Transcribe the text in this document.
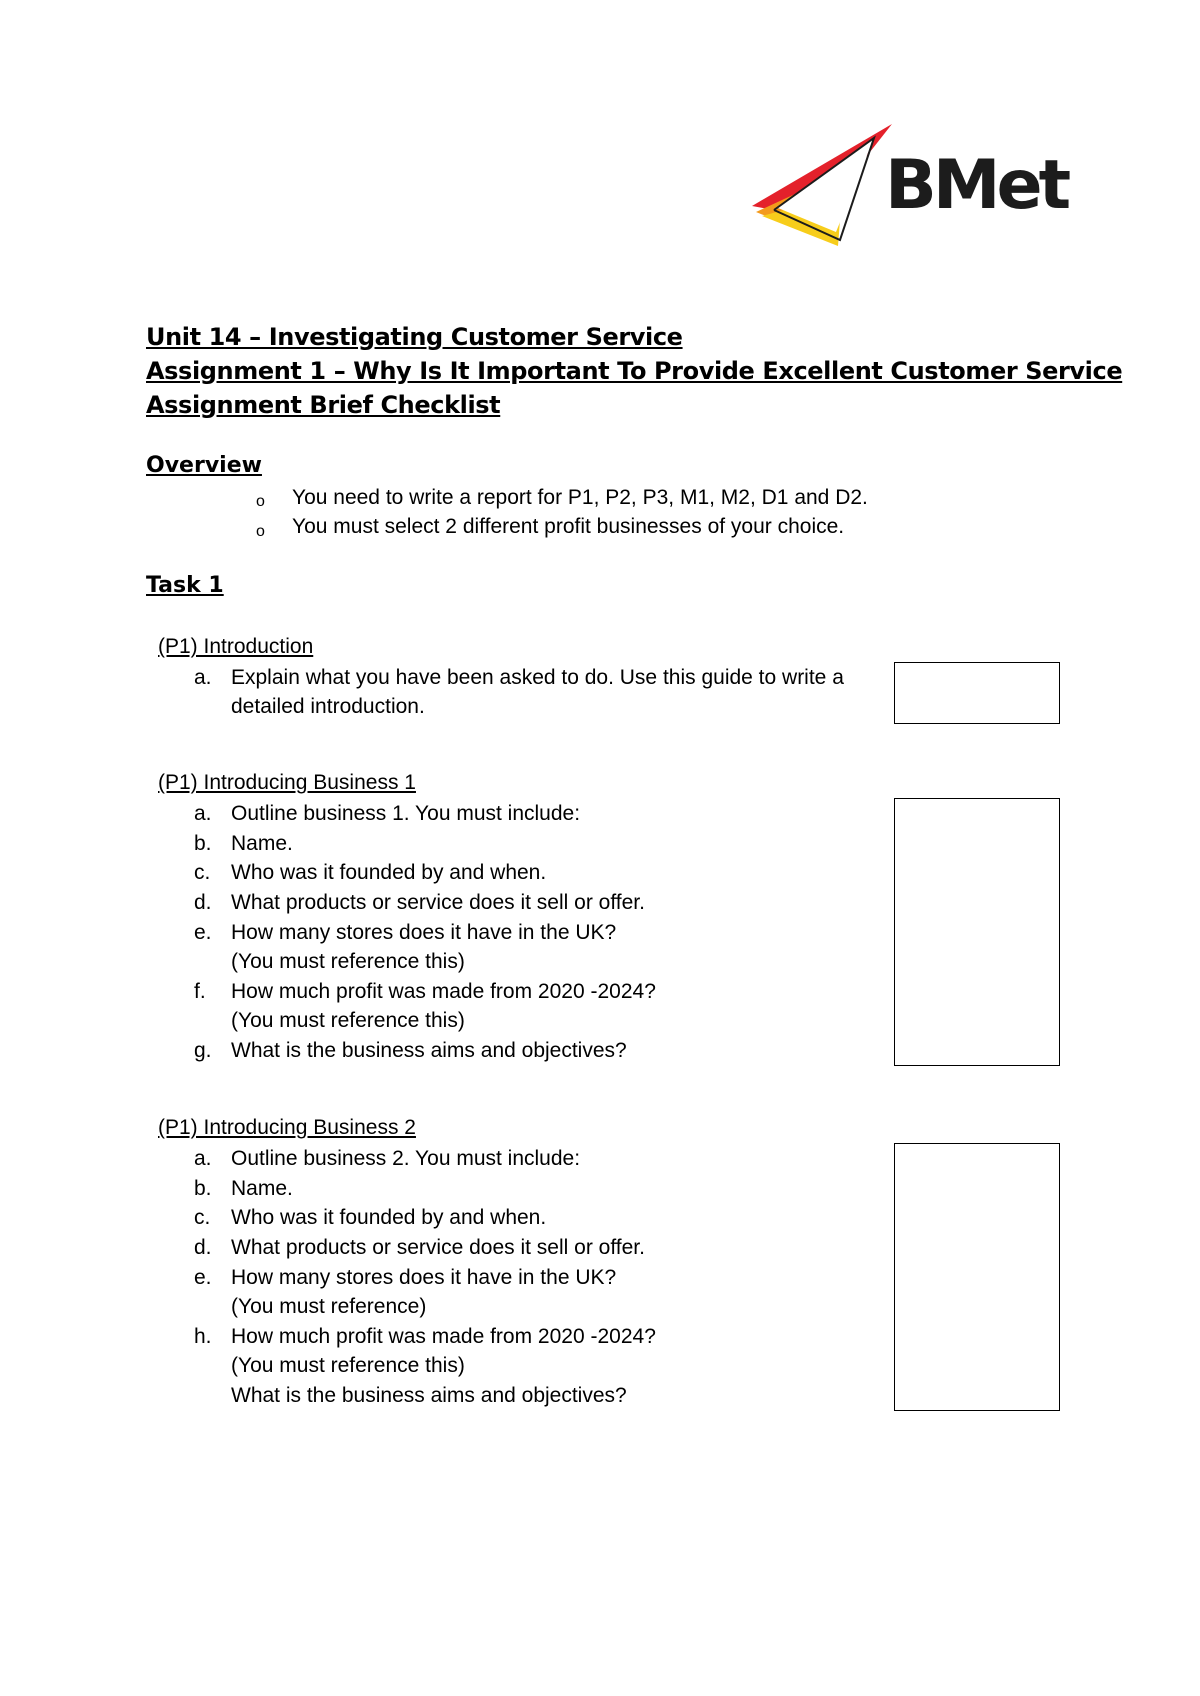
BMet
Unit 14 – Investigating Customer Service
Assignment 1 – Why Is It Important To Provide Excellent Customer Service
Assignment Brief Checklist
Overview
o You need to write a report for P1, P2, P3, M1, M2, D1 and D2.
o You must select 2 different profit businesses of your choice.
Task 1
(P1) Introduction
a. Explain what you have been asked to do. Use this guide to write a
detailed introduction.
(P1) Introducing Business 1
a. Outline business 1. You must include:
b. Name.
c. Who was it founded by and when.
d. What products or service does it sell or offer.
e. How many stores does it have in the UK?
(You must reference this)
f. How much profit was made from 2020 -2024?
(You must reference this)
g. What is the business aims and objectives?
(P1) Introducing Business 2
a. Outline business 2. You must include:
b. Name.
c. Who was it founded by and when.
d. What products or service does it sell or offer.
e. How many stores does it have in the UK?
(You must reference)
h. How much profit was made from 2020 -2024?
(You must reference this)
What is the business aims and objectives?
